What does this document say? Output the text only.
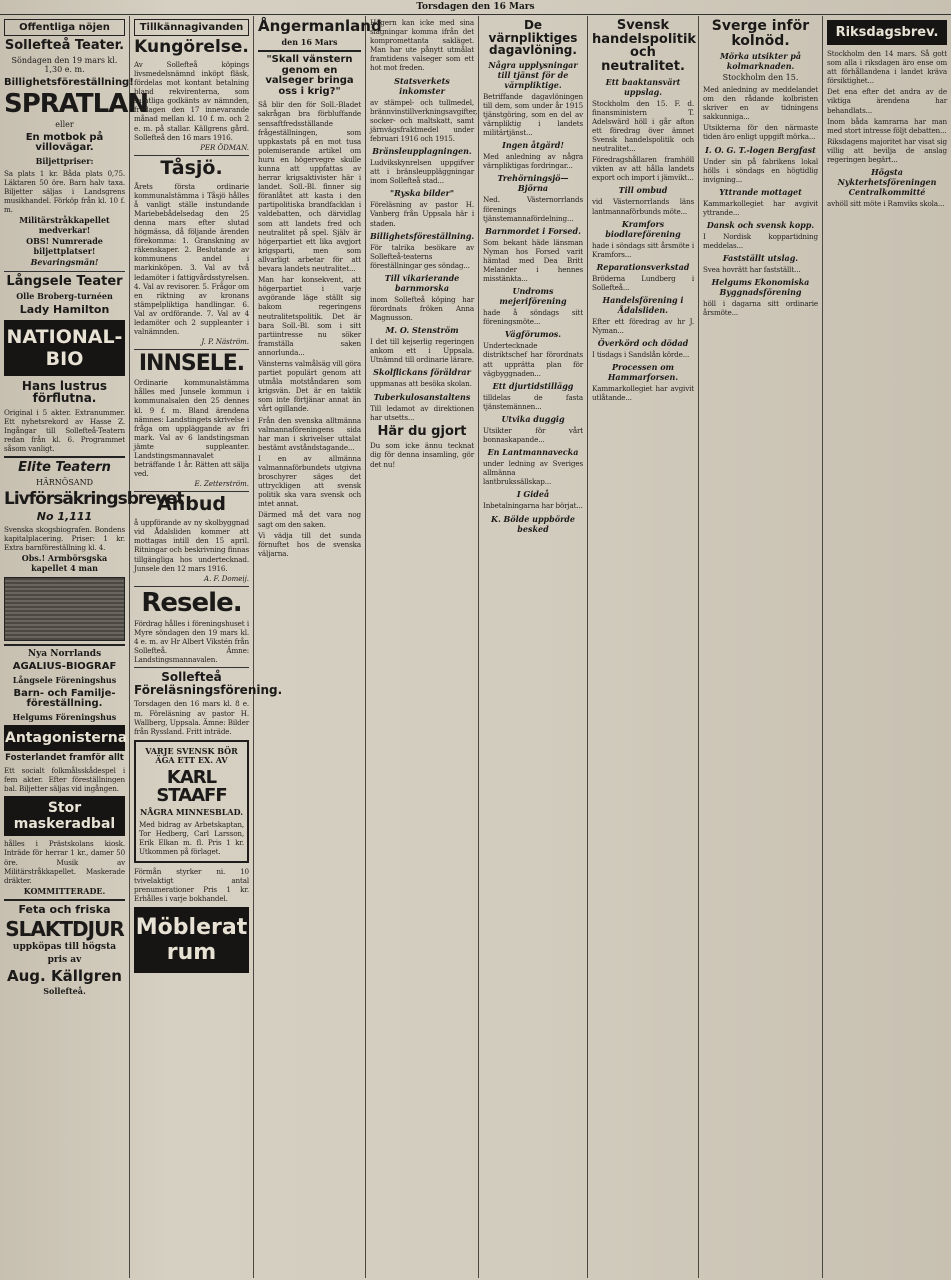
Torsdagen den 16 Mars
Offentliga nöjen
Sollefteå Teater.
Söndagen den 19 mars kl. 1,30 e. m.
Billighetsföreställning!
SPRATLAN
eller
En motbok på villovägar.
Biljettpriser:
Sa plats 1 kr. Båda plats 0,75. Läktaren 50 öre. Barn halv taxa. Biljetter säljas i Landsgrens musikhandel. Förköp från kl. 10 f. m.
Militärstråkkapellet medverkar!
OBS! Numrerade biljettplatser!
Bevaringsmän!
Långsele Teater
Olle Broberg-turnéen
Lady Hamilton
NATIONAL-BIO
Hans lustrus förflutna.
Original i 5 akter. Extranummer. Ett nyhetsrekord av Hasse Z. Ingångar till Sollefteå-Teatern redan från kl. 6. Programmet såsom vanligt.
Elite Teatern
HÄRNÖSAND
Livförsäkringsbrevet
No 1,111
Svenska skogsbiografen. Bondens kapitalplacering. Priser: 1 kr. Extra barnföreställning kl. 4.
Obs.! Armbörsgska kapellet 4 man
Nya Norrlands
AGALIUS-BIOGRAF
Långsele Föreningshus
Barn- och Familje-föreställning.
Helgums Föreningshus
Antagonisterna
Fosterlandet framför allt
Ett socialt folkmålsskådespel i fem akter. Efter föreställningen bal. Biljetter säljas vid ingången.
Stor maskeradbal
hålles i Prästskolans kiosk. Inträde för herrar 1 kr., damer 50 öre. Musik av Militärstråkkapellet. Maskerade dräkter.
KOMMITTERADE.
Feta och friska
SLAKTDJUR
uppköpas till högsta
pris av
Aug. Källgren
Sollefteå.
Tillkännagivanden
Kungörelse.
Av Sollefteå köpings livsmedelsnämnd inköpt fläsk, fördelas mot kontant betalning bland rekvirenterna, som samtliga godkänts av nämnden, fredagen den 17 innevarande månad mellan kl. 10 f. m. och 2 e. m. på stallar. Källgrens gård. Sollefteå den 16 mars 1916.
PER ÖDMAN.
Tåsjö.
Årets första ordinarie kommunalstämma i Tåsjö hålles å vanligt ställe instundande Mariebebådelsedag den 25 denna mars efter slutad högmässa, då följande ärenden förekomma: 1. Granskning av räkenskaper. 2. Beslutande av kommunens andel i markinköpen. 3. Val av två ledamöter i fattigvårdsstyrelsen. 4. Val av revisorer. 5. Frågor om en riktning av kronans stämpelpliktiga handlingar. 6. Val av ordförande. 7. Val av 4 ledamöter och 2 suppleanter i valnämnden.
J. P. Näström.
INNSELE.
Ordinarie kommunalstämma hålles med Junsele kommun i kommunalsalen den 25 dennes kl. 9 f. m. Bland ärendena nämnes: Landstingets skrivelse i fråga om uppläggande av fri mark. Val av 6 landstingsman jämte suppleanter. Landstingsmannavalet beträffande 1 år. Rätten att sälja ved.
E. Zetterström.
Anbud
å uppförande av ny skolbyggnad vid Ådalsliden kommer att mottagas intill den 15 april. Ritningar och beskrivning finnas tillgängliga hos undertecknad. Junsele den 12 mars 1916.
A. F. Domeij.
Resele.
Fördrag hålles i föreningshuset i Myre söndagen den 19 mars kl. 4 e. m. av Hr Albert Vikstén från Sollefteå. Ämne: Landstingsmannavalen.
Sollefteå Föreläsningsförening.
Torsdagen den 16 mars kl. 8 e. m. Föreläsning av pastor H. Wallberg, Uppsala. Ämne: Bilder från Ryssland. Fritt inträde.
VARJE SVENSK BÖR ÄGA ETT EX. AV
KARL STAAFF
NÅGRA MINNESBLAD.
Med bidrag av Arbetskaptan, Tor Hedberg, Carl Larsson, Erik Elkan m. fl. Pris 1 kr. Utkommen på förlaget.
Förmån styrker ni. 10 tvivelaktigt antal prenumerationer Pris 1 kr. Erhålles i varje bokhandel.
Möblerat rum
Ångermanland
den 16 Mars
"Skall vänstern genom en valseger bringa oss i krig?"
Så blir den för Soll.-Bladet sakrågan bra förbluffande sensaftfredsställande frågeställningen, som uppkastats på en mot tusa polemiserande artikel om huru en högervegre skulle kunna att uppfattas av herrar krigsaktivister här i landet. Soll.-Bl. finner sig föranlåtet att kasta i den partipolitiska brandfacklan i valdebatten, och därvidlag som att landets fred och neutralitet på spel. Själv är högerpartiet ett lika avgjort krigsparti, men som allvarligt arbetar för att bevara landets neutralitet...
Man har konsekvent, att högerpartiet i varje avgörande läge ställt sig bakom regeringens neutralitetspolitik. Det är bara Soll.-Bl. som i sitt partiintresse nu söker framställa saken annorlunda...
Vänsterns valmålsäg vill göra partiet populärt genom att utmåla motståndaren som krigsvän. Det är en taktik som inte förtjänar annat än vårt ogillande.
Från den svenska alltmänna valmannaföreningens sida har man i skrivelser uttalat bestämt avståndstagande...
I en av allmänna valmannaförbundets utgivna broschyrer säges det uttryckligen att svensk politik ska vara svensk och intet annat.
Därmed må det vara nog sagt om den saken.
Vi vädja till det sunda förnuftet hos de svenska väljarna.
Högern kan icke med sina slagningar komma ifrån det kompromettanta sakläget. Man har ute pånytt utmålat framtidens valseger som ett hot mot freden.
Statsverkets inkomster
av stämpel- och tullmedel, brännvinstillverkningsavgifter, socker- och maltskatt, samt järnvägsfraktmedel under februari 1916 och 1915.
Bränsleupplagningen.
Ludvikskynrelsen uppgifver att i bränsleuppläggningar inom Sollefteå stad...
"Ryska bilder"
Föreläsning av pastor H. Vanberg från Uppsala här i staden.
Billighetsföreställning.
För talrika besökare av Sollefteå-teaterns föreställningar ges söndag...
Till vikarierande barnmorska
inom Sollefteå köping har förordnats fröken Anna Magnusson.
M. O. Stenström
I det till kejserlig regeringen ankom ett i Uppsala. Utnämnd till ordinarie lärare.
Skolflickans föräldrar
uppmanas att besöka skolan.
Tuberkulosanstaltens
Till ledamot av direktionen har utsetts...
Här du gjort
Du som icke ännu tecknat dig för denna insamling, gör det nu!
De värnpliktiges dagavlöning.
Några upplysningar till tjänst för de värnpliktige.
Betriffande dagavlöningen till dem, som under år 1915 tjänstgöring, som en del av värnpliktig i landets militärtjänst...
Ingen åtgärd!
Med anledning av några värnpliktigas fordringar...
Trehörningsjö—Björna
Ned. Västernorrlands förenings tjänstemannafördelning...
Barnmordet i Forsed.
Som bekant häde länsman Nyman hos Forsed varit hämtad med Dea Britt Melander i hennes misstänkta...
Undroms mejeriförening
hade å söndags sitt föreningsmöte...
Vägförumos.
Undertecknade distriktschef har förordnats att upprätta plan för vägbyggnaden...
Ett djurtidstillägg
tilldelas de fasta tjänstemännen...
Utvika duggig
Utsikter för vårt bonnaskapande...
En Lantmannavecka
under ledning av Sveriges allmänna lantbrukssällskap...
I Gideå
Inbetalningarna har börjat...
K. Bölde uppbörde besked
Svensk handelspolitik och neutralitet.
Ett baaktansvärt uppslag.
Stockholm den 15. F. d. finansministern T. Adelswärd höll i går afton ett föredrag över ämnet Svensk handelspolitik och neutralitet...
Föredragshållaren framhöll vikten av att hålla landets export och import i jämvikt...
Till ombud
vid Västernorrlands läns lantmannaförbunds möte...
Kramfors biodlareförening
hade i söndags sitt årsmöte i Kramfors...
Reparationsverkstad
Bröderna Lundberg i Sollefteå...
Handelsförening i Ådalsliden.
Efter ett föredrag av hr J. Nyman...
Överkörd och dödad
I tisdags i Sandslån körde...
Processen om Hammarforsen.
Kammarkollegiet har avgivit utlåtande...
Sverge inför kolnöd.
Mörka utsikter på kolmarknaden.
Stockholm den 15.
Med anledning av meddelandet om den rådande kolbristen skriver en av tidningens sakkunniga...
Utsikterna för den närmaste tiden äro enligt uppgift mörka...
I. O. G. T.-logen Bergfast
Under sin på fabrikens lokal hölls i söndags en högtidlig invigning...
Yttrande mottaget
Kammarkollegiet har avgivit yttrande...
Dansk och svensk kopp.
I Nordisk koppartidning meddelas...
Fastställt utslag.
Svea hovrätt har fastställt...
Helgums Ekonomiska Byggnadsförening
höll i dagarna sitt ordinarie årsmöte...
Riksdagsbrev.
Stockholm den 14 mars. Så gott som alla i riksdagen äro ense om att förhållandena i landet kräva försiktighet...
Det ena efter det andra av de viktiga ärendena har behandlats...
Inom båda kamrarna har man med stort intresse följt debatten...
Riksdagens majoritet har visat sig villig att bevilja de anslag regeringen begärt...
Högsta Nykterhetsföreningen Centralkommitté
avhöll sitt möte i Ramviks skola...
